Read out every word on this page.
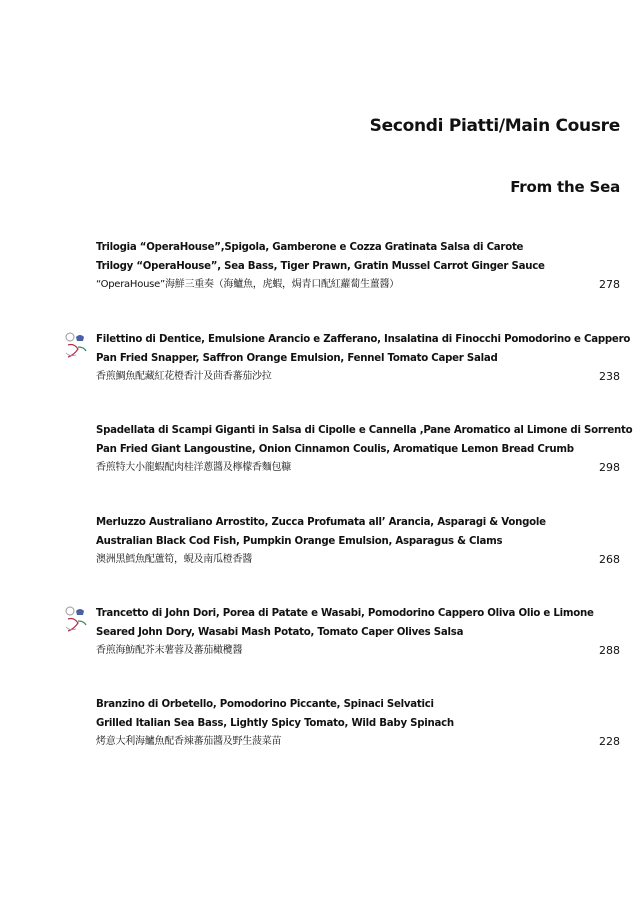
Secondi Piatti/Main Cousre
From the Sea
Trilogia “OperaHouse”,Spigola, Gamberone e Cozza Gratinata Salsa di Carote
Trilogy “OperaHouse”, Sea Bass, Tiger Prawn, Gratin Mussel Carrot Ginger Sauce
“OperaHouse”海鮮三重奏（海鱸魚，虎蝦，焗青口配紅蘿蔔生薑醬）	278
Filettino di Dentice, Emulsione Arancio e Zafferano, Insalatina di Finocchi Pomodorino e Cappero
Pan Fried Snapper, Saffron Orange Emulsion, Fennel Tomato Caper Salad
香煎鯛魚配藏紅花橙香汁及茴香蕃茄沙拉	238
Spadellata di Scampi Giganti in Salsa di Cipolle e Cannella ,Pane Aromatico al Limone di Sorrento
Pan Fried Giant Langoustine, Onion Cinnamon Coulis, Aromatique Lemon Bread Crumb
香煎特大小龍蝦配肉桂洋蔥醬及檸檬香麵包糠	298
Merluzzo Australiano Arrostito, Zucca Profumata all’ Arancia, Asparagi & Vongole
Australian Black Cod Fish, Pumpkin Orange Emulsion, Asparagus & Clams
澳洲黑鱈魚配蘆筍，蜆及南瓜橙香醬	268
Trancetto di John Dori, Porea di Patate e Wasabi, Pomodorino Cappero Oliva Olio e Limone
Seared John Dory, Wasabi Mash Potato, Tomato Caper Olives Salsa
香煎海魴配芥末薯蓉及蕃茄橄欖醬	288
Branzino di Orbetello, Pomodorino Piccante, Spinaci Selvatici
Grilled Italian Sea Bass, Lightly Spicy Tomato, Wild Baby Spinach
烤意大利海鱸魚配香辣蕃茄醬及野生菠菜苗	228
